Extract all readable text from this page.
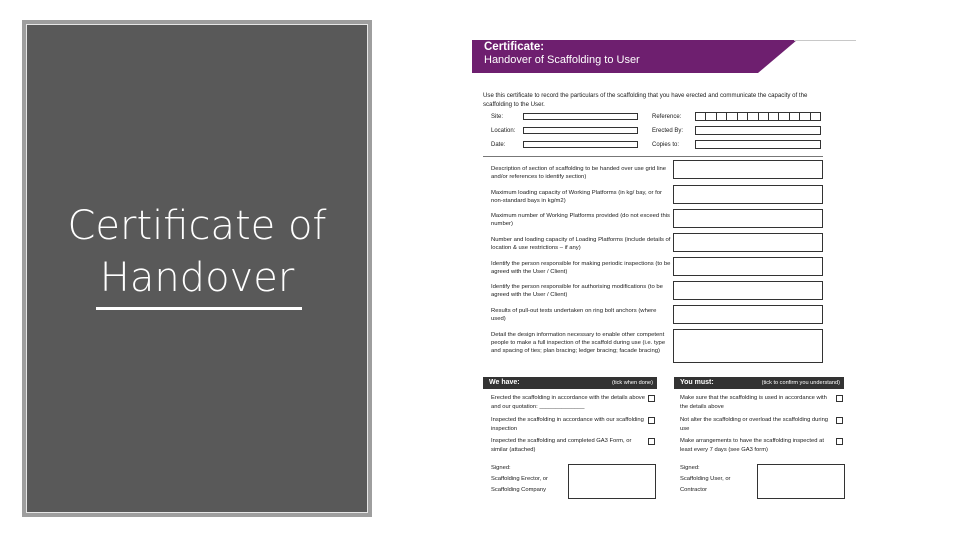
Certificate of
Handover
Certificate:
Handover of Scaffolding to User
Use this certificate to record the particulars of the scaffolding that you have erected and communicate the capacity of the scaffolding to the User.
Site:
Location:
Date:
Reference:
Erected By:
Copies to:
Description of section of scaffolding to be handed over use grid line and/or references to identify section)
Maximum loading capacity of Working Platforms (in kg/ bay, or for non-standard bays in kg/m2)
Maximum number of Working Platforms provided (do not exceed this number)
Number and loading capacity of Loading Platforms (include details of location & use restrictions – if any)
Identify the person responsible for making periodic inspections (to be agreed with the User / Client)
Identify the person responsible for authorising modifications (to be agreed with the User / Client)
Results of pull-out tests undertaken on ring bolt anchors (where used)
Detail the design information necessary to enable other competent people to make a full inspection of the scaffold during use (i.e. type and spacing of ties; plan bracing; ledger bracing; facade bracing)
We have:	(tick when done)
Erected the scaffolding in accordance with the details above and our quotation: ______________
Inspected the scaffolding in accordance with our scaffolding inspection
Inspected the scaffolding and completed GA3 Form, or similar (attached)
Signed:
Scaffolding Erector, or
Scaffolding Company
You must:	(tick to confirm you understand)
Make sure that the scaffolding is used in accordance with the details above
Not alter the scaffolding or overload the scaffolding during use
Make arrangements to have the scaffolding inspected at least every 7 days (see GA3 form)
Signed:
Scaffolding User, or
Contractor
